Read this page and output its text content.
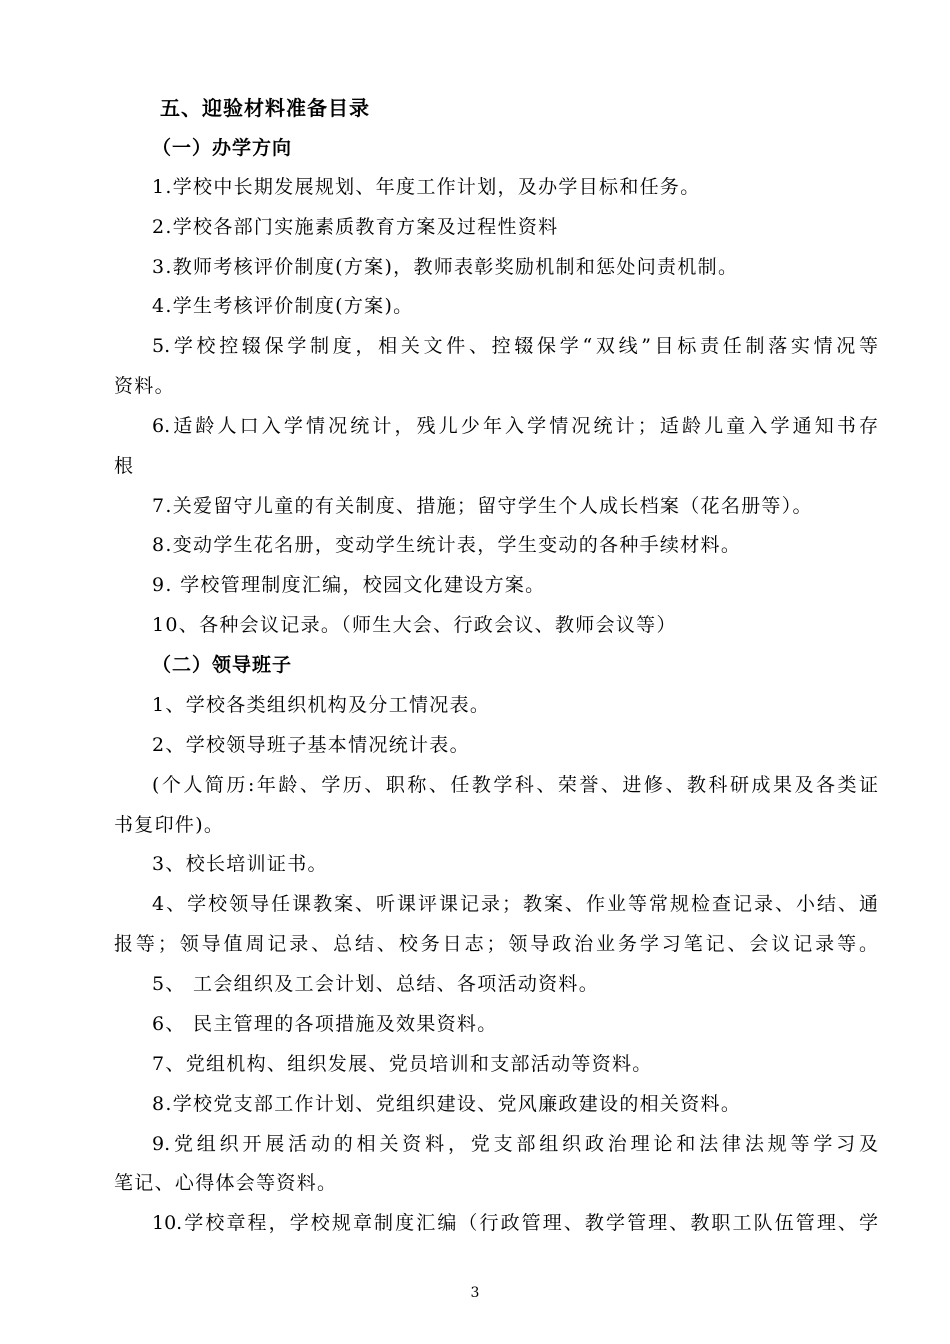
五、迎验材料准备目录
（一）办学方向
1.学校中长期发展规划、年度工作计划，及办学目标和任务。
2.学校各部门实施素质教育方案及过程性资料
3.教师考核评价制度(方案)，教师表彰奖励机制和惩处问责机制。
4.学生考核评价制度(方案)。
5.学校控辍保学制度，相关文件、控辍保学“双线”目标责任制落实情况等
资料。
6.适龄人口入学情况统计，残儿少年入学情况统计；适龄儿童入学通知书存
根
7.关爱留守儿童的有关制度、措施；留守学生个人成长档案（花名册等）。
8.变动学生花名册，变动学生统计表，学生变动的各种手续材料。
9. 学校管理制度汇编，校园文化建设方案。
10、各种会议记录。（师生大会、行政会议、教师会议等）
（二）领导班子
1、学校各类组织机构及分工情况表。
2、学校领导班子基本情况统计表。
(个人简历:年龄、学历、职称、任教学科、荣誉、进修、教科研成果及各类证
书复印件)。
3、校长培训证书。
4、学校领导任课教案、听课评课记录；教案、作业等常规检查记录、小结、通
报等；领导值周记录、总结、校务日志；领导政治业务学习笔记、会议记录等。
5、 工会组织及工会计划、总结、各项活动资料。
6、 民主管理的各项措施及效果资料。
7、党组机构、组织发展、党员培训和支部活动等资料。
8.学校党支部工作计划、党组织建设、党风廉政建设的相关资料。
9.党组织开展活动的相关资料，党支部组织政治理论和法律法规等学习及
笔记、心得体会等资料。
10.学校章程，学校规章制度汇编（行政管理、教学管理、教职工队伍管理、学
3
